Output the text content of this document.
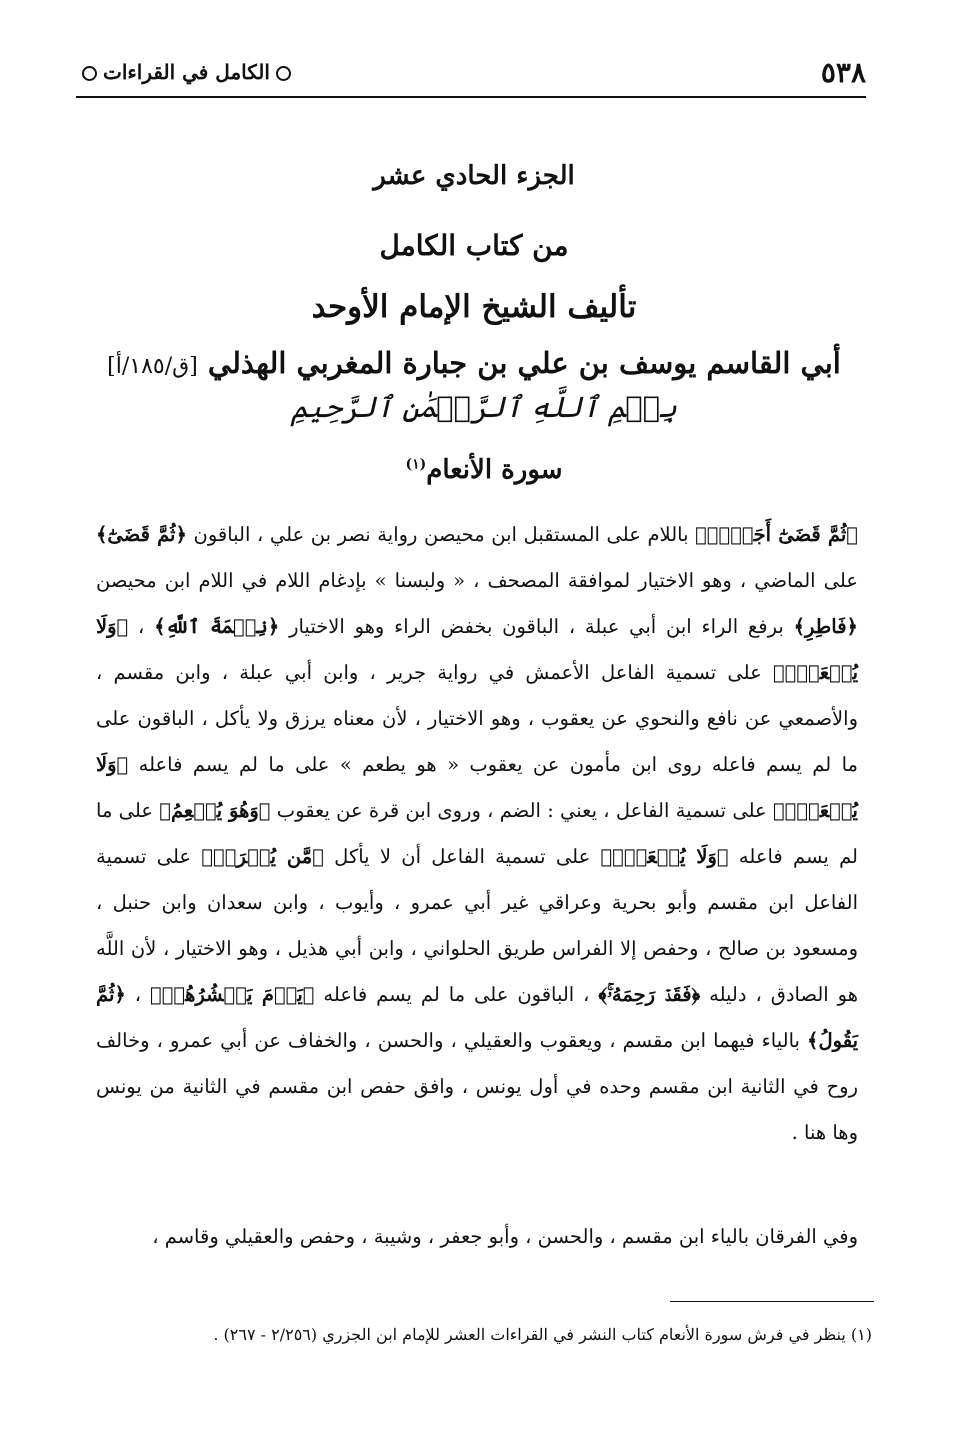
٥٣٨
الكامل في القراءات
الجزء الحادي عشر
من كتاب الكامل
تأليف الشيخ الإمام الأوحد
أبي القاسم يوسف بن علي بن جبارة المغربي الهذلي [ق/١٨٥/أ]
بِسۡمِ ٱللَّهِ ٱلرَّحۡمَٰنِ ٱلرَّحِيمِ
سورة الأنعام$^{(١)}$

﴿ثُمَّ قَضَىٰٓ أَجَلٗاۖ﴾ باللام على المستقبل ابن محيصن رواية نصر بن علي ، الباقون ﴿ثُمَّ قَضَىٰٓ﴾ على الماضي ، وهو الاختيار لموافقة المصحف ، « ولبسنا » بإدغام اللام في اللام ابن محيصن ﴿فَاطِرِ﴾ برفع الراء ابن أبي عبلة ، الباقون بخفض الراء وهو الاختيار ﴿نِعۡمَةَ ٱللَّهِ﴾ ، ﴿وَلَا يُطۡعَمُۗ﴾ على تسمية الفاعل الأعمش في رواية جرير ، وابن أبي عبلة ، وابن مقسم ، والأصمعي عن نافع والنحوي عن يعقوب ، وهو الاختيار ، لأن معناه يرزق ولا يأكل ، الباقون على ما لم يسم فاعله روى ابن مأمون عن يعقوب « هو يطعم » على ما لم يسم فاعله ﴿وَلَا يُطۡعَمُۗ﴾ على تسمية الفاعل ، يعني : الضم ، وروى ابن قرة عن يعقوب ﴿وَهُوَ يُطۡعِمُ﴾ على ما لم يسم فاعله ﴿وَلَا يُطۡعَمُۗ﴾ على تسمية الفاعل أن لا يأكل ﴿مَّن يُصۡرَفۡ﴾ على تسمية الفاعل ابن مقسم وأبو بحرية وعراقي غير أبي عمرو ، وأيوب ، وابن سعدان وابن حنبل ، ومسعود بن صالح ، وحفص إلا الفراس طريق الحلواني ، وابن أبي هذيل ، وهو الاختيار ، لأن اللَّه هو الصادق ، دليله ﴿فَقَدۡ رَحِمَهُۥۚ﴾ ، الباقون على ما لم يسم فاعله ﴿يَوۡمَ يَحۡشُرُهُمۡ﴾ ، ﴿ثُمَّ يَقُولُ﴾ بالياء فيهما ابن مقسم ، ويعقوب والعقيلي ، والحسن ، والخفاف عن أبي عمرو ، وخالف روح في الثانية ابن مقسم وحده في أول يونس ، وافق حفص ابن مقسم في الثانية من يونس وها هنا .

وفي الفرقان بالياء ابن مقسم ، والحسن ، وأبو جعفر ، وشيبة ، وحفص والعقيلي وقاسم ،

(١) ينظر في فرش سورة الأنعام كتاب النشر في القراءات العشر للإمام ابن الجزري (٢/٢٥٦ - ٢٦٧) .
